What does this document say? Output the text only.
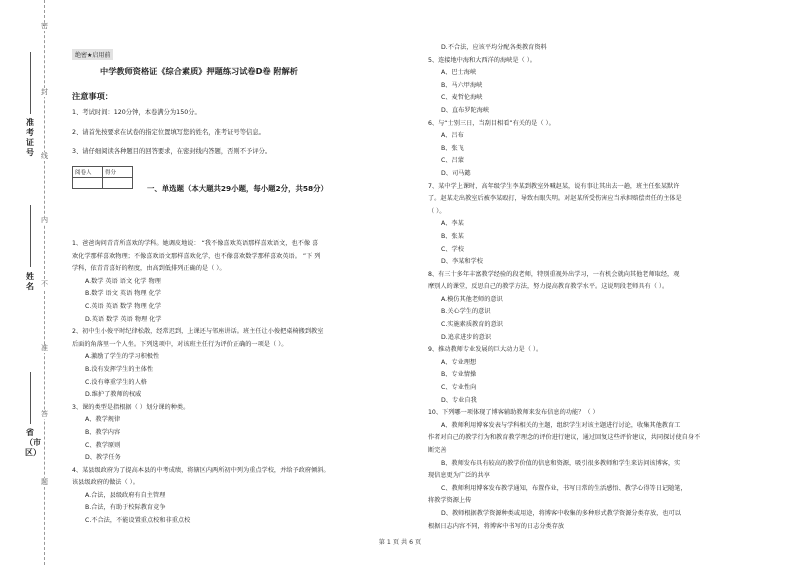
密
封
线
内
不
准
答
题
准考证号
姓名
省（市区）
绝密★启用前
中学教师资格证《综合素质》押题练习试卷D卷 附解析
注意事项：
1、考试时间：120分钟，本卷满分为150分。
2、请首先按要求在试卷的指定位置填写您的姓名，准考证号等信息。
3、请仔细阅读各种题目的回答要求，在密封线内答题，否则不予评分。
阅卷人	得分

一、单选题（本大题共29小题，每小题2分，共58分）
1、爸爸询问青青所喜欢的学科。她调皮地说： “我不像喜欢英语那样喜欢语文，也不像 喜
欢化学那样喜欢物理；不像喜欢语文那样喜欢化学，也不像喜欢数学那样喜欢英语。 ”下 列
学科，依青青喜好的程度，由高到低排列正确的是（ ）。
A.数学 英语 语文 化学 物理
B.数学 语文 英语 物理 化学
C.英语 英语 数学 物理 化学
D.英语 数学 英语 物理 化学
2、初中生小俊平时纪律松散，经常迟到，上课还与邻座讲话。班主任让小俊把桌椅搬到教室
后面的角落里一个人坐。下列选项中，对该班主任行为评价正确的一项是（ ）。
A.激励了学生的学习积极性
B.没有发挥学生的主体性
C.没有尊重学生的人格
D.维护了教师的权威
3、课的类型是指根据（ ）划分课的种类。
A、教学规律
B、教学内容
C、教学原则
D、教学任务
4、某县级政府为了提高本县的中考成绩，将辖区内两所初中列为重点学校，并给予政府倾斜。
该县级政府的做法（ ）。
A.合法，县级政府有自主管理
B.合法，有助于校际教育竞争
C.不合法，不能设置重点校和非重点校
D.不合法，应该平均分配各类教育资料
5、连接地中海和大西洋的海峡是（ ）。
A、巴士海峡
B、马六甲海峡
C、麦哲伦海峡
D、直布罗陀海峡
6、与“士别三日，当刮目相看”有关的是（ ）。
A、吕布
B、张飞
C、吕蒙
D、司马懿
7、某中学上课时，高年级学生李某到教室外喊赵某，说有事让其出去一趟，班主任张某默许
了。赵某走出教室后被李某殴打，导致右眼失明。对赵某所受伤害应当承担赔偿责任的主体是
（ ）。
A、李某
B、张某
C、学校
D、李某和学校
8、有三十多年丰富教学经验的段老师，特别重视外出学习，一有机会就向其他老师取经，观
摩别人的课堂，反思自己的教学方法，努力提高教育教学水平。这说明段老师具有（ ）。
A.模仿其他老师的意识
B.关心学生的意识
C.实施素质教育的意识
D.追求进步的意识
9、推动教师专业发展的巨大动力是（ ）。
A、专业理想
B、专业情操
C、专业性向
D、专业自我
10、下列哪一项体现了博客辅助教师来发布信息的功能？（ ）
A、教师利用博客发表与学科相关的主题，组织学生对该主题进行讨论，收集其他教育工
作者对自己的教学行为和教育教学理念的评价进行建议，通过回复这些评价建议，共同探讨使自身不
断完善
B、教师发布具有较高的教学价值的信息和资源，吸引很多教师和学生来访问该博客，实
现信息更为广泛的共享
C、教师利用博客发布教学通知，布置作业，书写日常的生活感悟、教学心得等日记随笔，
将教学资源上传
D、教师根据教学资源种类或用途，将博客中收集的多种形式教学资源分类存放，也可以
根据日志内容不同，将博客中书写的日志分类存放
第 1 页 共 6 页
